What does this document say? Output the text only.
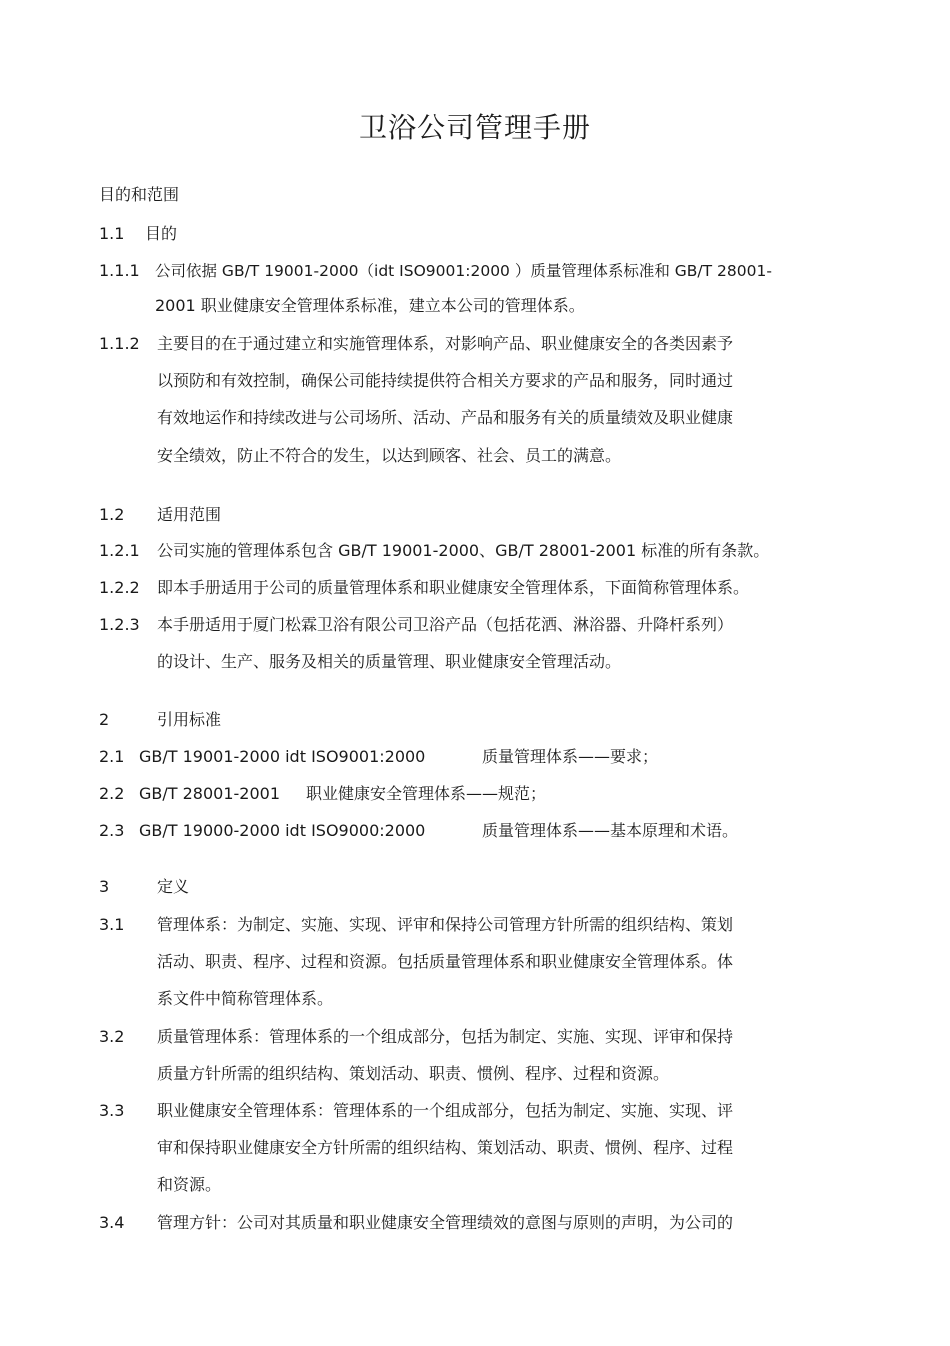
卫浴公司管理手册
目的和范围
1.1 目的
1.1.1 公司依据 GB/T 19001-2000（idt ISO9001:2000 ）质量管理体系标准和 GB/T 28001-
2001 职业健康安全管理体系标准，建立本公司的管理体系。
1.1.2 主要目的在于通过建立和实施管理体系，对影响产品、职业健康安全的各类因素予
以预防和有效控制，确保公司能持续提供符合相关方要求的产品和服务，同时通过
有效地运作和持续改进与公司场所、活动、产品和服务有关的质量绩效及职业健康
安全绩效，防止不符合的发生，以达到顾客、社会、员工的满意。
1.2 适用范围
1.2.1 公司实施的管理体系包含 GB/T 19001-2000、GB/T 28001-2001 标准的所有条款。
1.2.2 即本手册适用于公司的质量管理体系和职业健康安全管理体系，下面简称管理体系。
1.2.3 本手册适用于厦门松霖卫浴有限公司卫浴产品（包括花洒、淋浴器、升降杆系列）
的设计、生产、服务及相关的质量管理、职业健康安全管理活动。
2	引用标准
2.1 GB/T 19001-2000 idt ISO9001:2000	质量管理体系——要求；
2.2 GB/T 28001-2001 职业健康安全管理体系——规范；
2.3 GB/T 19000-2000 idt ISO9000:2000	质量管理体系——基本原理和术语。
3	定义
3.1 管理体系：为制定、实施、实现、评审和保持公司管理方针所需的组织结构、策划
活动、职责、程序、过程和资源。包括质量管理体系和职业健康安全管理体系。体
系文件中简称管理体系。
3.2 质量管理体系：管理体系的一个组成部分，包括为制定、实施、实现、评审和保持
质量方针所需的组织结构、策划活动、职责、惯例、程序、过程和资源。
3.3 职业健康安全管理体系：管理体系的一个组成部分，包括为制定、实施、实现、评
审和保持职业健康安全方针所需的组织结构、策划活动、职责、惯例、程序、过程
和资源。
3.4 管理方针：公司对其质量和职业健康安全管理绩效的意图与原则的声明，为公司的
